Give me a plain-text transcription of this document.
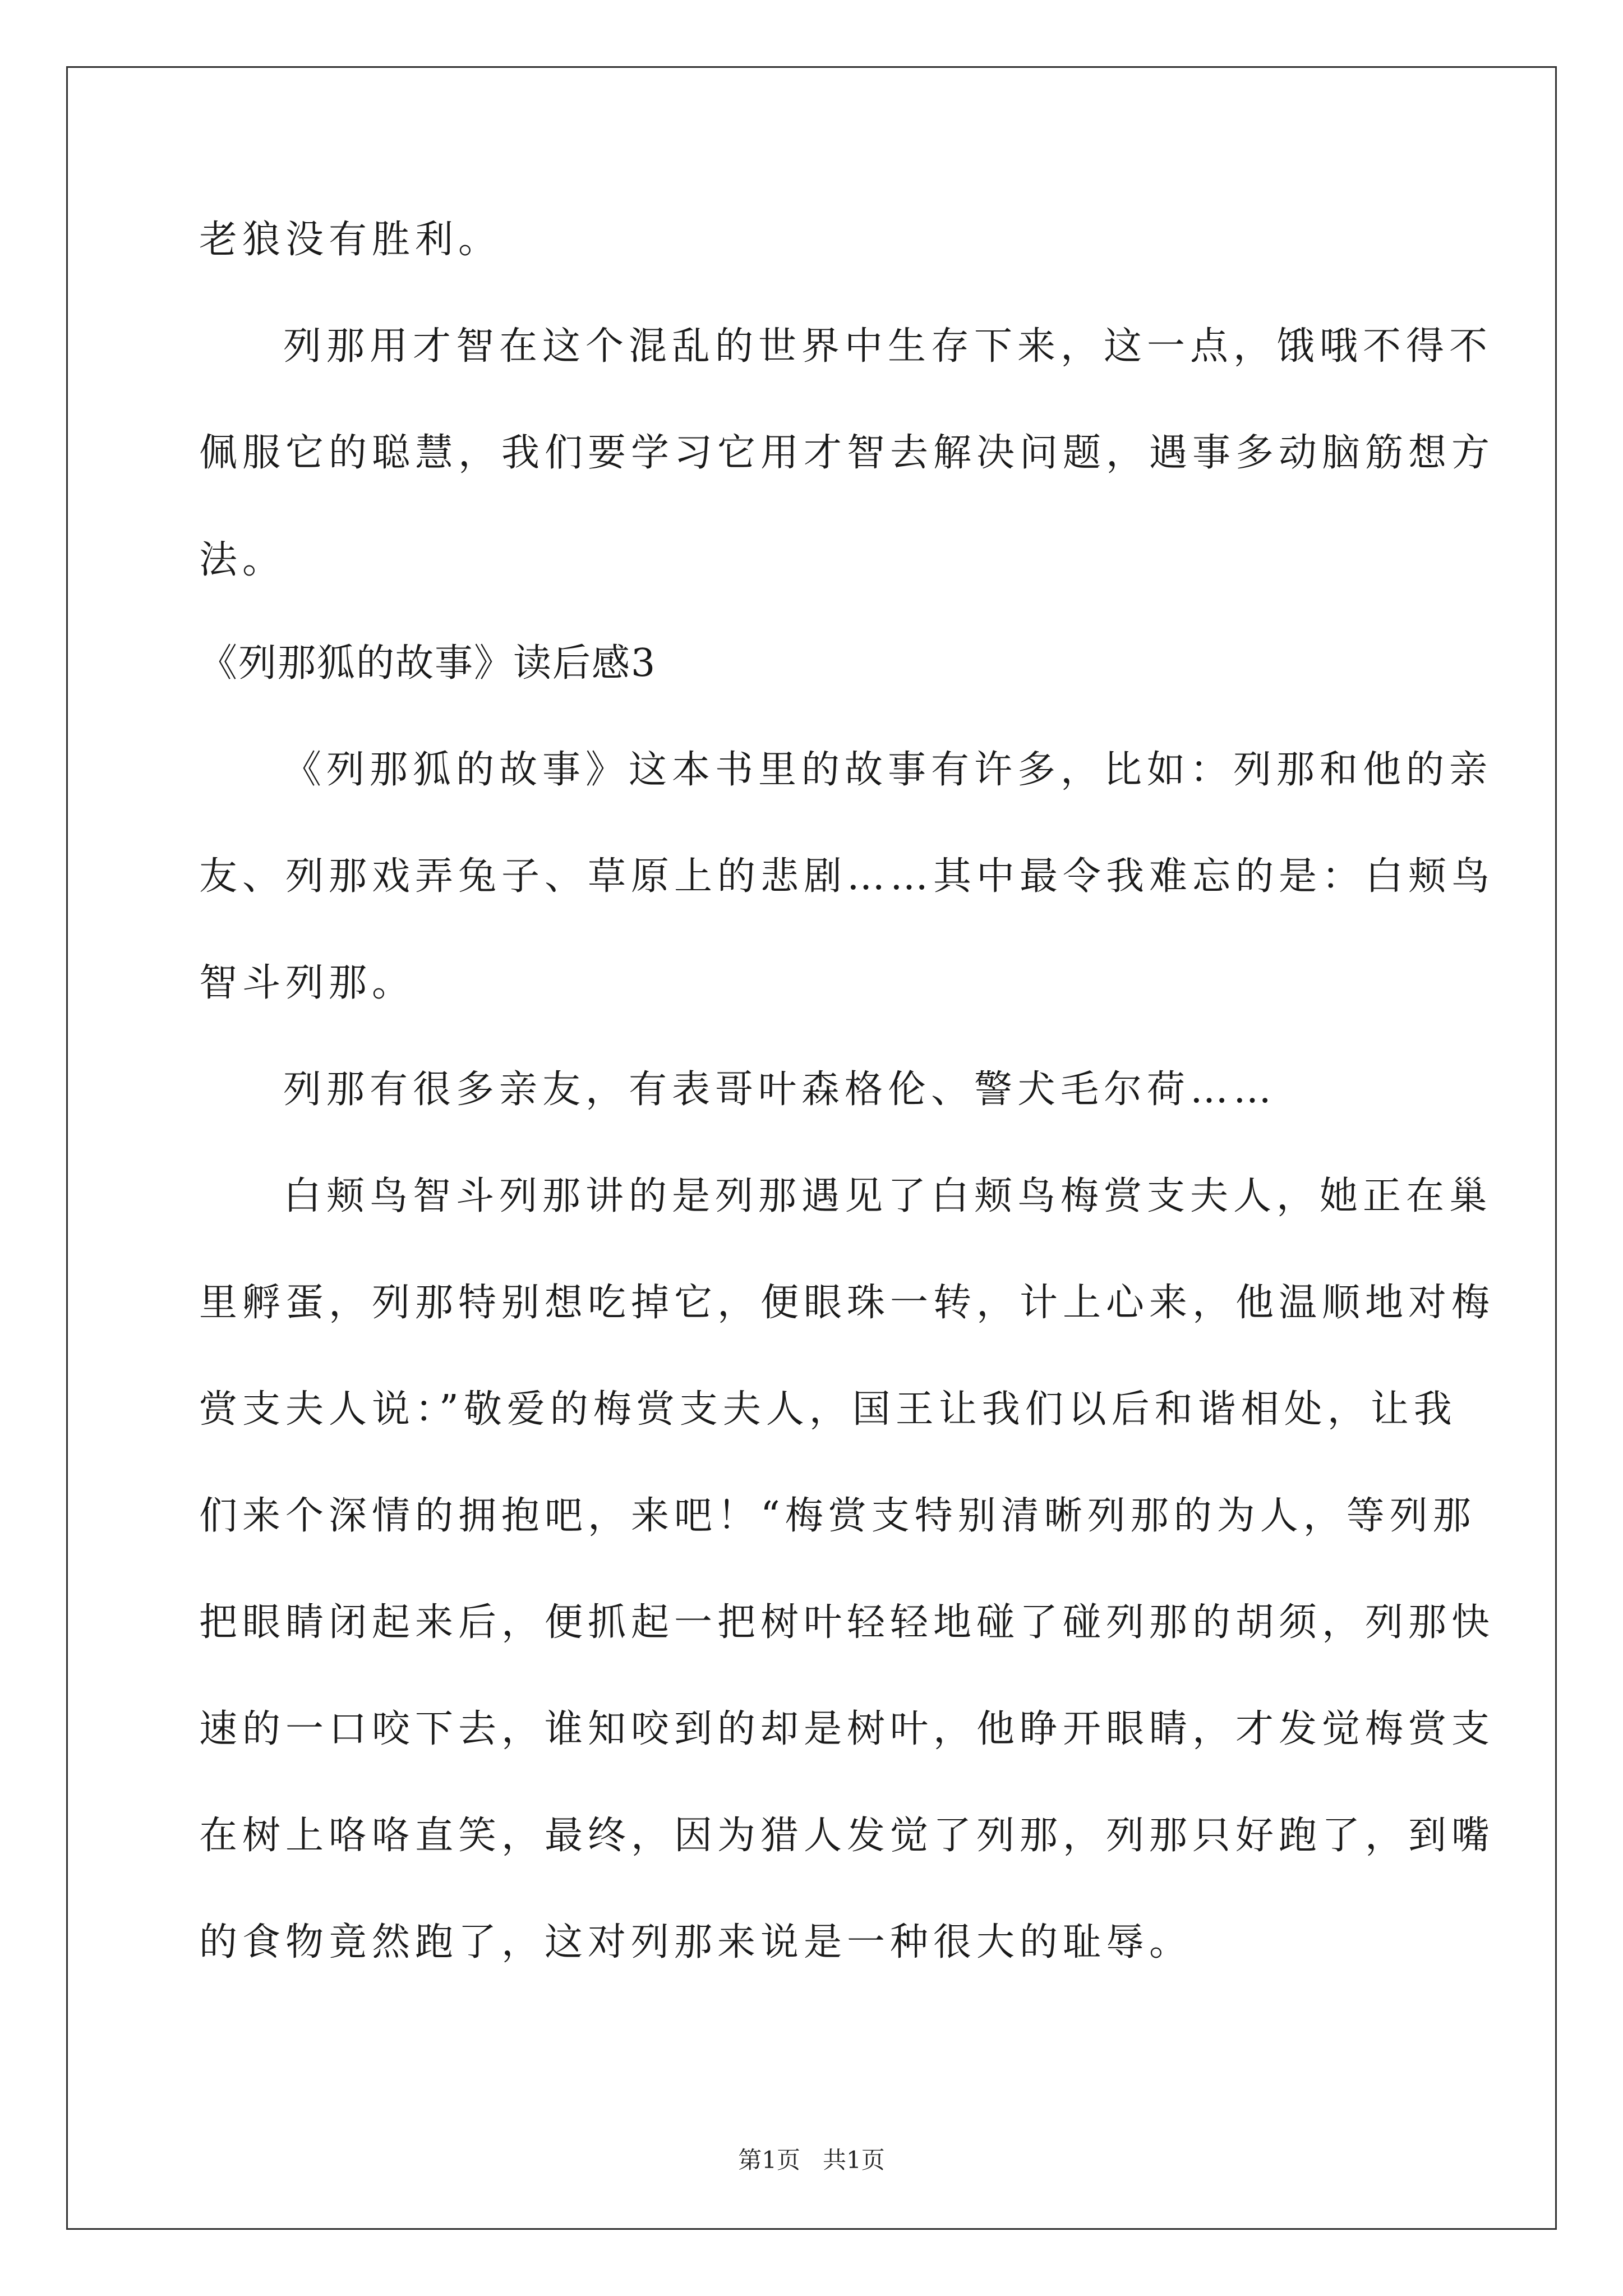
老狼没有胜利。
列那用才智在这个混乱的世界中生存下来，这一点，饿哦不得不
佩服它的聪慧，我们要学习它用才智去解决问题，遇事多动脑筋想方
法。
《列那狐的故事》读后感3
《列那狐的故事》这本书里的故事有许多，比如：列那和他的亲
友、列那戏弄兔子、草原上的悲剧……其中最令我难忘的是：白颊鸟
智斗列那。
列那有很多亲友，有表哥叶森格伦、警犬毛尔荷……
白颊鸟智斗列那讲的是列那遇见了白颊鸟梅赏支夫人，她正在巢
里孵蛋，列那特别想吃掉它，便眼珠一转，计上心来，他温顺地对梅
赏支夫人说：”敬爱的梅赏支夫人，国王让我们以后和谐相处，让我
们来个深情的拥抱吧，来吧！“梅赏支特别清晰列那的为人，等列那
把眼睛闭起来后，便抓起一把树叶轻轻地碰了碰列那的胡须，列那快
速的一口咬下去，谁知咬到的却是树叶，他睁开眼睛，才发觉梅赏支
在树上咯咯直笑，最终，因为猎人发觉了列那，列那只好跑了，到嘴
的食物竟然跑了，这对列那来说是一种很大的耻辱。
第1页   共1页
